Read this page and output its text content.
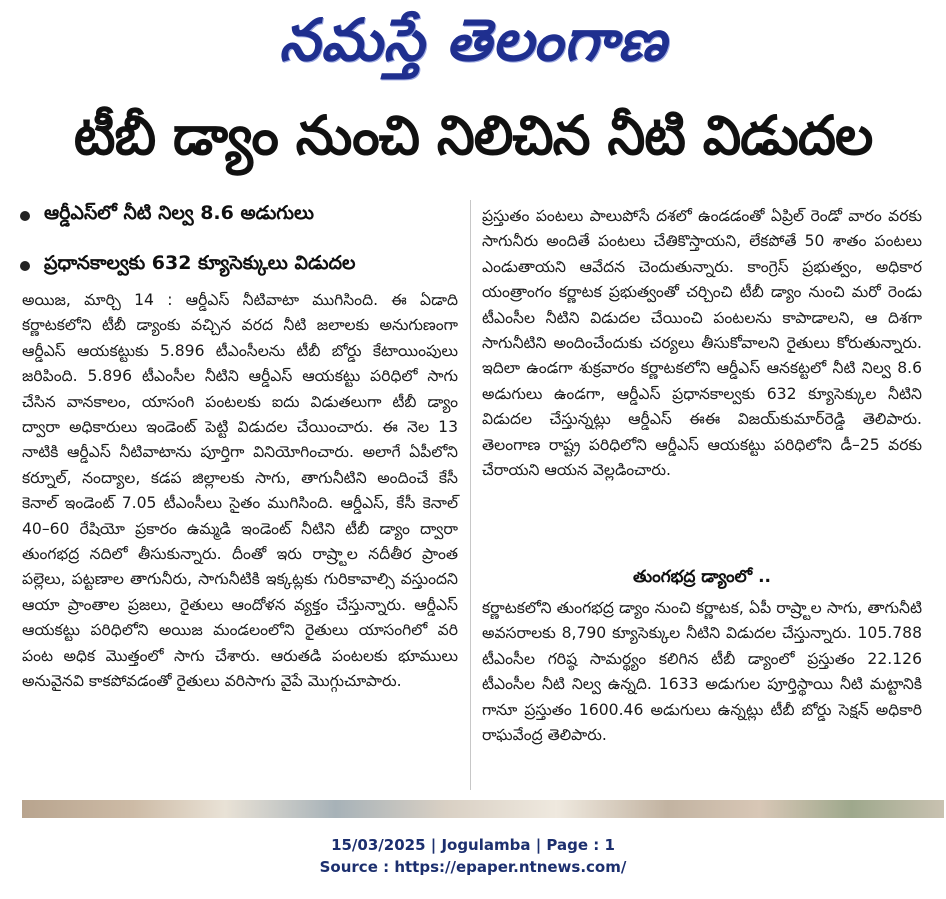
నమస్తే తెలంగాణ
టీబీ డ్యాం నుంచి నిలిచిన నీటి విడుదల
ఆర్డీఎస్‌లో నీటి నిల్వ 8.6 అడుగులు
ప్రధానకాల్వకు 632 క్యూసెక్కులు విడుదల

అయిజ, మార్చి 14 : ఆర్డీఎస్ నీటివాటా ముగిసింది. ఈ ఏడాది కర్ణాటకలోని టీబీ డ్యాంకు వచ్చిన వరద నీటి జలాలకు అనుగుణంగా ఆర్డీఎస్ ఆయకట్టుకు 5.896 టీఎంసీలను టీబీ బోర్డు కేటాయింపులు జరిపింది. 5.896 టీఎంసీల నీటిని ఆర్డీఎస్ ఆయకట్టు పరిధిలో సాగు చేసిన వానకాలం, యాసంగి పంటలకు ఐదు విడుతలుగా టీబీ డ్యాం ద్వారా అధికారులు ఇండెంట్ పెట్టి విడుదల చేయించారు. ఈ నెల 13 నాటికి ఆర్డీఎస్ నీటివాటాను పూర్తిగా వినియోగించారు. అలాగే ఏపీలోని కర్నూల్, నంద్యాల, కడప జిల్లాలకు సాగు, తాగునీటిని అందించే కేసీ కెనాల్ ఇండెంట్ 7.05 టీఎంసీలు సైతం ముగిసింది. ఆర్డీఎస్, కేసీ కెనాల్ 40–60 రేషియో ప్రకారం ఉమ్మడి ఇండెంట్ నీటిని టీబీ డ్యాం ద్వారా తుంగభద్ర నదిలో తీసుకున్నారు. దీంతో ఇరు రాష్ర్టాల నదీతీర ప్రాంత పల్లెలు, పట్టణాల తాగునీరు, సాగునీటికి ఇక్కట్లకు గురికావాల్సి వస్తుందని ఆయా ప్రాంతాల ప్రజలు, రైతులు ఆందోళన వ్యక్తం చేస్తున్నారు. ఆర్డీఎస్ ఆయకట్టు పరిధిలోని అయిజ మండలంలోని రైతులు యాసంగిలో వరి పంట అధిక మొత్తంలో సాగు చేశారు. ఆరుతడి పంటలకు భూములు అనువైనవి కాకపోవడంతో రైతులు వరిసాగు వైపే మొగ్గుచూపారు.

ప్రస్తుతం పంటలు పాలుపోసే దశలో ఉండడంతో ఏప్రిల్ రెండో వారం వరకు సాగునీరు అందితే పంటలు చేతికొస్తాయని, లేకపోతే 50 శాతం పంటలు ఎండుతాయని ఆవేదన చెందుతున్నారు. కాంగ్రెస్ ప్రభుత్వం, అధికార యంత్రాంగం కర్ణాటక ప్రభుత్వంతో చర్చించి టీబీ డ్యాం నుంచి మరో రెండు టీఎంసీల నీటిని విడుదల చేయించి పంటలను కాపాడాలని, ఆ దిశగా సాగునీటిని అందించేందుకు చర్యలు తీసుకోవాలని రైతులు కోరుతున్నారు. ఇదిలా ఉండగా శుక్రవారం కర్ణాటకలోని ఆర్డీఎస్ ఆనకట్టలో నీటి నిల్వ 8.6 అడుగులు ఉండగా, ఆర్డీఎస్ ప్రధానకాల్వకు 632 క్యూసెక్కుల నీటిని విడుదల చేస్తున్నట్లు ఆర్డీఎస్ ఈఈ విజయ్‌కుమార్‌రెడ్డి తెలిపారు. తెలంగాణ రాష్ట్ర పరిధిలోని ఆర్డీఎస్ ఆయకట్టు పరిధిలోని డీ–25 వరకు చేరాయని ఆయన వెల్లడించారు.

తుంగభద్ర డ్యాంలో ..

కర్ణాటకలోని తుంగభద్ర డ్యాం నుంచి కర్ణాటక, ఏపీ రాష్ర్టాల సాగు, తాగునీటి అవసరాలకు 8,790 క్యూసెక్కుల నీటిని విడుదల చేస్తున్నారు. 105.788 టీఎంసీల గరిష్ఠ సామర్థ్యం కలిగిన టీబీ డ్యాంలో ప్రస్తుతం 22.126 టీఎంసీల నీటి నిల్వ ఉన్నది. 1633 అడుగుల పూర్తిస్థాయి నీటి మట్టానికి గానూ ప్రస్తుతం 1600.46 అడుగులు ఉన్నట్లు టీబీ బోర్డు సెక్షన్ అధికారి రాఘవేంద్ర తెలిపారు.

15/03/2025 | Jogulamba | Page : 1
Source : https://epaper.ntnews.com/
